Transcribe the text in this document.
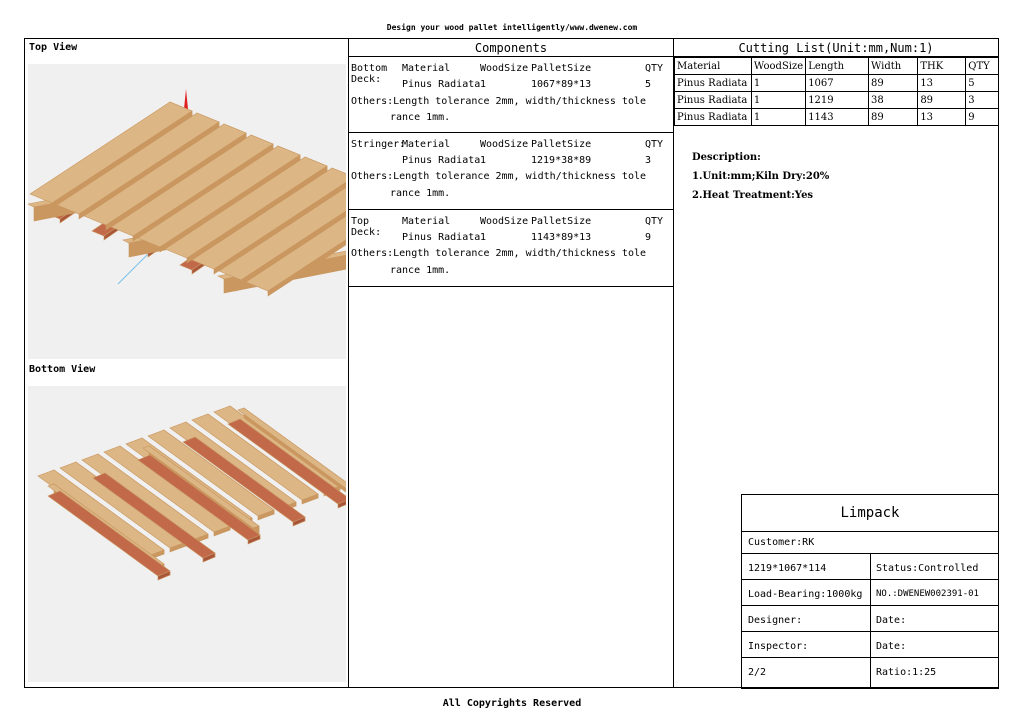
Design your wood pallet intelligently/www.dwenew.com
All Copyrights Reserved
Top View
Bottom View
Components
Bottom
Deck:
Material	WoodSize PalletSize	QTY
Pinus Radiata 1	1067*89*13	5
Others:Length tolerance 2mm, width/thickness tole
rance 1mm.
Stringer:
Material	WoodSize PalletSize	QTY
Pinus Radiata 1	1219*38*89	3
Others:Length tolerance 2mm, width/thickness tole
rance 1mm.
Top
Deck:
Material	WoodSize PalletSize	QTY
Pinus Radiata 1	1143*89*13	9
Others:Length tolerance 2mm, width/thickness tole
rance 1mm.
Cutting List(Unit:mm,Num:1)
Material	WoodSize	Length	Width	THK	QTY
Pinus Radiata	1	1067	89	13	5
Pinus Radiata	1	1219	38	89	3
Pinus Radiata	1	1143	89	13	9
Description:
1.Unit:mm;Kiln Dry:20%
2.Heat Treatment:Yes
Limpack
Customer:RK
1219*1067*114	Status:Controlled
Load-Bearing:1000kg NO.:DWENEW002391-01
Designer:	Date:
Inspector:	Date:
2/2	Ratio:1:25
